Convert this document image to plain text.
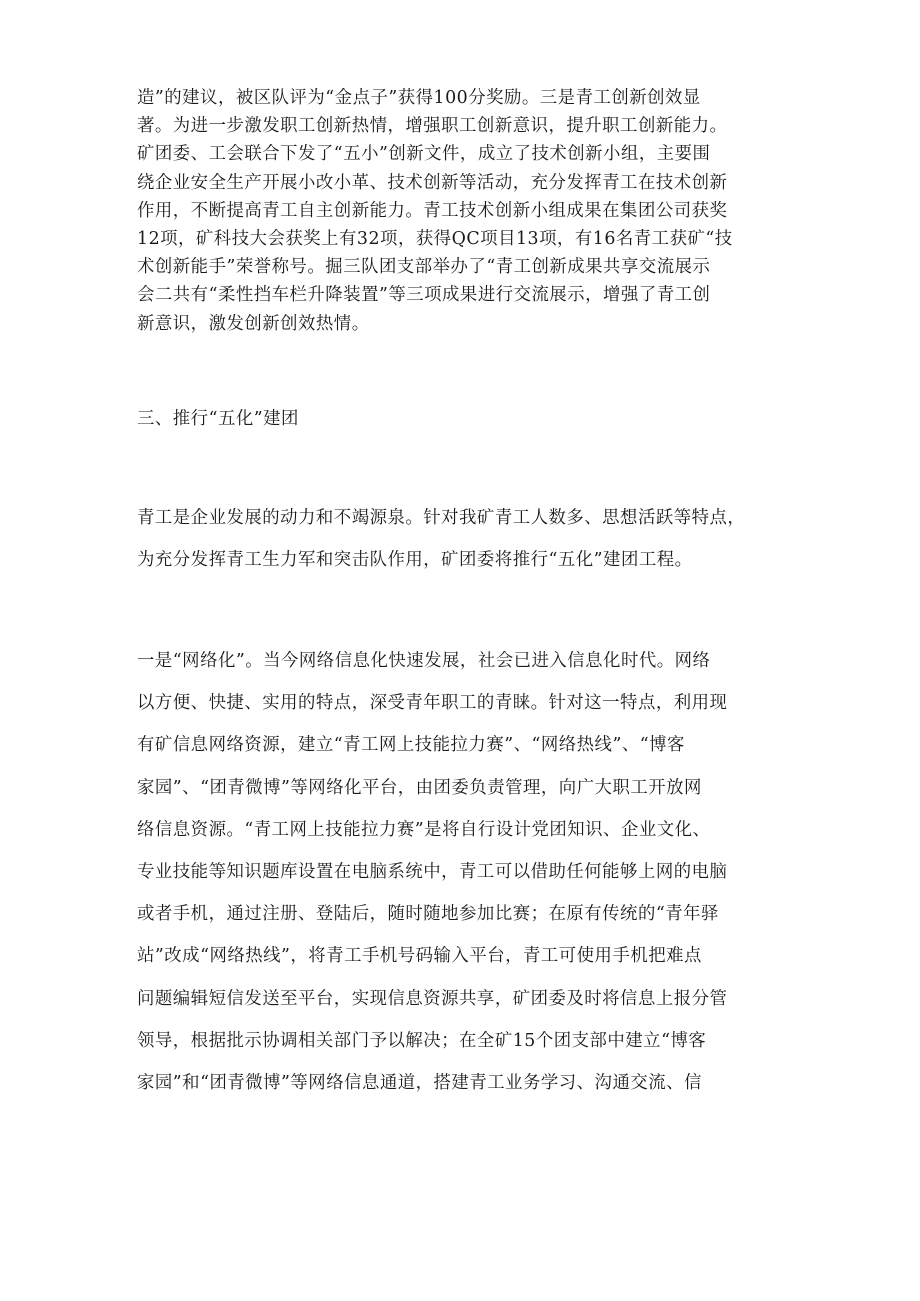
造”的建议，被区队评为“金点子”获得100分奖励。三是青工创新创效显
著。为进一步激发职工创新热情，增强职工创新意识，提升职工创新能力。
矿团委、工会联合下发了“五小”创新文件，成立了技术创新小组，主要围
绕企业安全生产开展小改小革、技术创新等活动，充分发挥青工在技术创新
作用，不断提高青工自主创新能力。青工技术创新小组成果在集团公司获奖
12项，矿科技大会获奖上有32项，获得QC项目13项，有16名青工获矿“技
术创新能手”荣誉称号。掘三队团支部举办了“青工创新成果共享交流展示
会二共有“柔性挡车栏升降装置”等三项成果进行交流展示，增强了青工创
新意识，激发创新创效热情。

三、推行“五化”建团

青工是企业发展的动力和不竭源泉。针对我矿青工人数多、思想活跃等特点，
为充分发挥青工生力军和突击队作用，矿团委将推行“五化”建团工程。

一是“网络化”。当今网络信息化快速发展，社会已进入信息化时代。网络
以方便、快捷、实用的特点，深受青年职工的青睐。针对这一特点，利用现
有矿信息网络资源，建立“青工网上技能拉力赛”、“网络热线”、“博客
家园”、“团青微博”等网络化平台，由团委负责管理，向广大职工开放网
络信息资源。“青工网上技能拉力赛”是将自行设计党团知识、企业文化、
专业技能等知识题库设置在电脑系统中，青工可以借助任何能够上网的电脑
或者手机，通过注册、登陆后，随时随地参加比赛；在原有传统的“青年驿
站”改成“网络热线”，将青工手机号码输入平台，青工可使用手机把难点
问题编辑短信发送至平台，实现信息资源共享，矿团委及时将信息上报分管
领导，根据批示协调相关部门予以解决；在全矿15个团支部中建立“博客
家园”和“团青微博”等网络信息通道，搭建青工业务学习、沟通交流、信
